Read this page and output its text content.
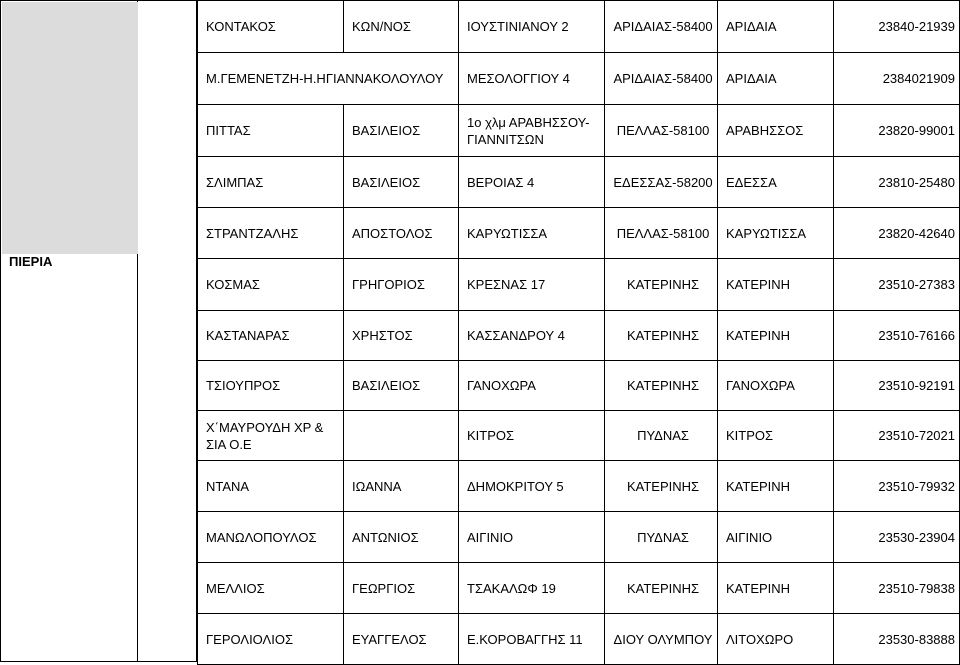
ΠΙΕΡΙΑ
ΚΟΝΤΑΚΟΣ	ΚΩΝ/ΝΟΣ	ΙΟΥΣΤΙΝΙΑΝΟΥ 2	ΑΡΙΔΑΙΑΣ-58400	ΑΡΙΔΑΙΑ	23840-21939
Μ.ΓΕΜΕΝΕΤΖΗ-Η.ΗΓΙΑΝΝΑΚΟΛΟΥΛΟΥ		ΜΕΣΟΛΟΓΓΙΟΥ 4	ΑΡΙΔΑΙΑΣ-58400	ΑΡΙΔΑΙΑ	2384021909
ΠΙΤΤΑΣ	ΒΑΣΙΛΕΙΟΣ	1ο χλμ ΑΡΑΒΗΣΣΟΥ-ΓΙΑΝΝΙΤΣΩΝ	ΠΕΛΛΑΣ-58100	ΑΡΑΒΗΣΣΟΣ	23820-99001
ΣΛΙΜΠΑΣ	ΒΑΣΙΛΕΙΟΣ	ΒΕΡΟΙΑΣ 4	ΕΔΕΣΣΑΣ-58200	ΕΔΕΣΣΑ	23810-25480
ΣΤΡΑΝΤΖΑΛΗΣ	ΑΠΟΣΤΟΛΟΣ	ΚΑΡΥΩΤΙΣΣΑ	ΠΕΛΛΑΣ-58100	ΚΑΡΥΩΤΙΣΣΑ	23820-42640
ΚΟΣΜΑΣ	ΓΡΗΓΟΡΙΟΣ	ΚΡΕΣΝΑΣ 17	ΚΑΤΕΡΙΝΗΣ	ΚΑΤΕΡΙΝΗ	23510-27383
ΚΑΣΤΑΝΑΡΑΣ	ΧΡΗΣΤΟΣ	ΚΑΣΣΑΝΔΡΟΥ 4	ΚΑΤΕΡΙΝΗΣ	ΚΑΤΕΡΙΝΗ	23510-76166
ΤΣΙΟΥΠΡΟΣ	ΒΑΣΙΛΕΙΟΣ	ΓΑΝΟΧΩΡΑ	ΚΑΤΕΡΙΝΗΣ	ΓΑΝΟΧΩΡΑ	23510-92191
Χ΄ΜΑΥΡΟΥΔΗ ΧΡ & ΣΙΑ Ο.Ε		ΚΙΤΡΟΣ	ΠΥΔΝΑΣ	ΚΙΤΡΟΣ	23510-72021
ΝΤΑΝΑ	ΙΩΑΝΝΑ	ΔΗΜΟΚΡΙΤΟΥ 5	ΚΑΤΕΡΙΝΗΣ	ΚΑΤΕΡΙΝΗ	23510-79932
ΜΑΝΩΛΟΠΟΥΛΟΣ	ΑΝΤΩΝΙΟΣ	ΑΙΓΙΝΙΟ	ΠΥΔΝΑΣ	ΑΙΓΙΝΙΟ	23530-23904
ΜΕΛΛΙΟΣ	ΓΕΩΡΓΙΟΣ	ΤΣΑΚΑΛΩΦ 19	ΚΑΤΕΡΙΝΗΣ	ΚΑΤΕΡΙΝΗ	23510-79838
ΓΕΡΟΛΙΟΛΙΟΣ	ΕΥΑΓΓΕΛΟΣ	Ε.ΚΟΡΟΒΑΓΓΗΣ 11	ΔΙΟΥ ΟΛΥΜΠΟΥ	ΛΙΤΟΧΩΡΟ	23530-83888
